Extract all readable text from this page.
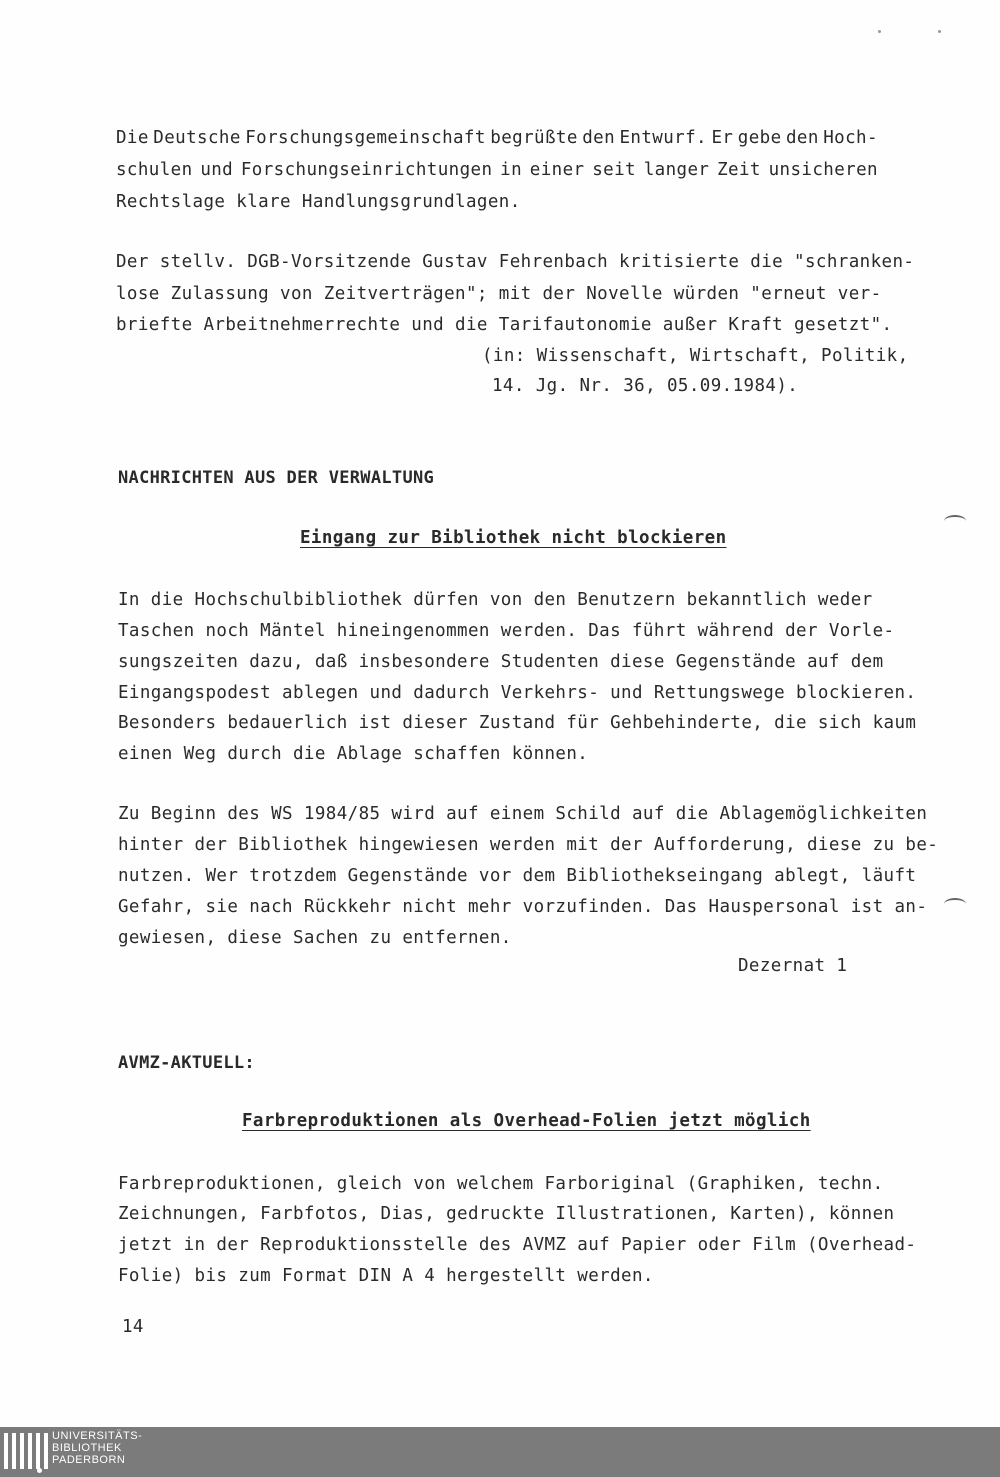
Die Deutsche Forschungsgemeinschaft begrüßte den Entwurf. Er gebe den Hoch-
schulen und Forschungseinrichtungen in einer seit langer Zeit unsicheren
Rechtslage klare Handlungsgrundlagen.
Der stellv. DGB-Vorsitzende Gustav Fehrenbach kritisierte die "schranken-
lose Zulassung von Zeitverträgen"; mit der Novelle würden "erneut ver-
briefte Arbeitnehmerrechte und die Tarifautonomie außer Kraft gesetzt".
(in: Wissenschaft, Wirtschaft, Politik,
14. Jg. Nr. 36, 05.09.1984).
NACHRICHTEN AUS DER VERWALTUNG
Eingang zur Bibliothek nicht blockieren
In die Hochschulbibliothek dürfen von den Benutzern bekanntlich weder
Taschen noch Mäntel hineingenommen werden. Das führt während der Vorle-
sungszeiten dazu, daß insbesondere Studenten diese Gegenstände auf dem
Eingangspodest ablegen und dadurch Verkehrs- und Rettungswege blockieren.
Besonders bedauerlich ist dieser Zustand für Gehbehinderte, die sich kaum
einen Weg durch die Ablage schaffen können.
Zu Beginn des WS 1984/85 wird auf einem Schild auf die Ablagemöglichkeiten
hinter der Bibliothek hingewiesen werden mit der Aufforderung, diese zu be-
nutzen. Wer trotzdem Gegenstände vor dem Bibliothekseingang ablegt, läuft
Gefahr, sie nach Rückkehr nicht mehr vorzufinden. Das Hauspersonal ist an-
gewiesen, diese Sachen zu entfernen.
Dezernat 1
AVMZ-AKTUELL:
Farbreproduktionen als Overhead-Folien jetzt möglich
Farbreproduktionen, gleich von welchem Farboriginal (Graphiken, techn.
Zeichnungen, Farbfotos, Dias, gedruckte Illustrationen, Karten), können
jetzt in der Reproduktionsstelle des AVMZ auf Papier oder Film (Overhead-
Folie) bis zum Format DIN A 4 hergestellt werden.
14
UNIVERSITÄTS-
BIBLIOTHEK
PADERBORN
